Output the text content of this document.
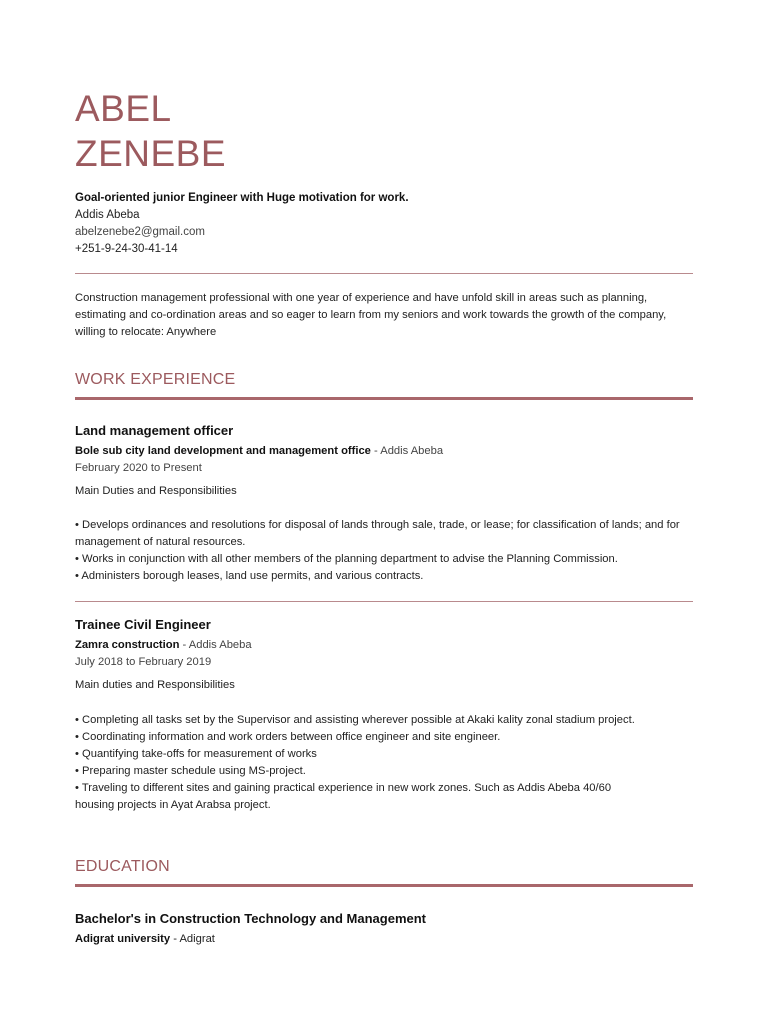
ABEL
ZENEBE
Goal-oriented junior Engineer with Huge motivation for work.
Addis Abeba
abelzenebe2@gmail.com
+251-9-24-30-41-14
Construction management professional with one year of experience and have unfold skill in areas such as planning, estimating and co-ordination areas and so eager to learn from my seniors and work towards the growth of the company, willing to relocate: Anywhere
WORK EXPERIENCE
Land management officer
Bole sub city land development and management office - Addis Abeba
February 2020 to Present
Main Duties and Responsibilities
• Develops ordinances and resolutions for disposal of lands through sale, trade, or lease; for classification of lands; and for management of natural resources.
• Works in conjunction with all other members of the planning department to advise the Planning Commission.
• Administers borough leases, land use permits, and various contracts.
Trainee Civil Engineer
Zamra construction - Addis Abeba
July 2018 to February 2019
Main duties and Responsibilities
• Completing all tasks set by the Supervisor and assisting wherever possible at Akaki kality zonal stadium project.
• Coordinating information and work orders between office engineer and site engineer.
• Quantifying take-offs for measurement of works
• Preparing master schedule using MS-project.
• Traveling to different sites and gaining practical experience in new work zones. Such as Addis Abeba 40/60
housing projects in Ayat Arabsa project.
EDUCATION
Bachelor's in Construction Technology and Management
Adigrat university - Adigrat
